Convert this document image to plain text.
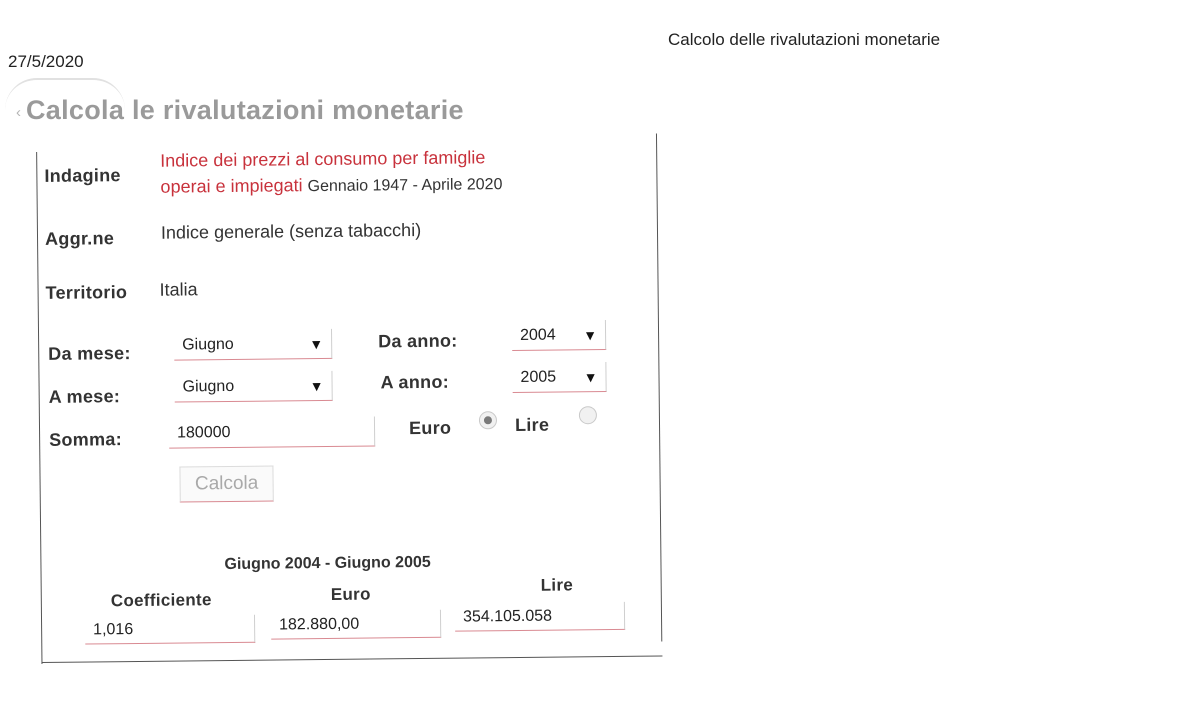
27/5/2020
Calcolo delle rivalutazioni monetarie
‹ Calcola le rivalutazioni monetarie
Indagine
Indice dei prezzi al consumo per famiglie
operai e impiegati Gennaio 1947 - Aprile 2020
Aggr.ne	Indice generale (senza tabacchi)
Territorio Italia
Da mese:	Giugno	▼	Da anno:	2004 ▼
A mese:	Giugno	▼	A anno:	2005 ▼
Somma:	180000	Euro	Lire
Calcola
Giugno 2004 - Giugno 2005
Coefficiente
1,016
Euro
182.880,00
Lire
354.105.058
